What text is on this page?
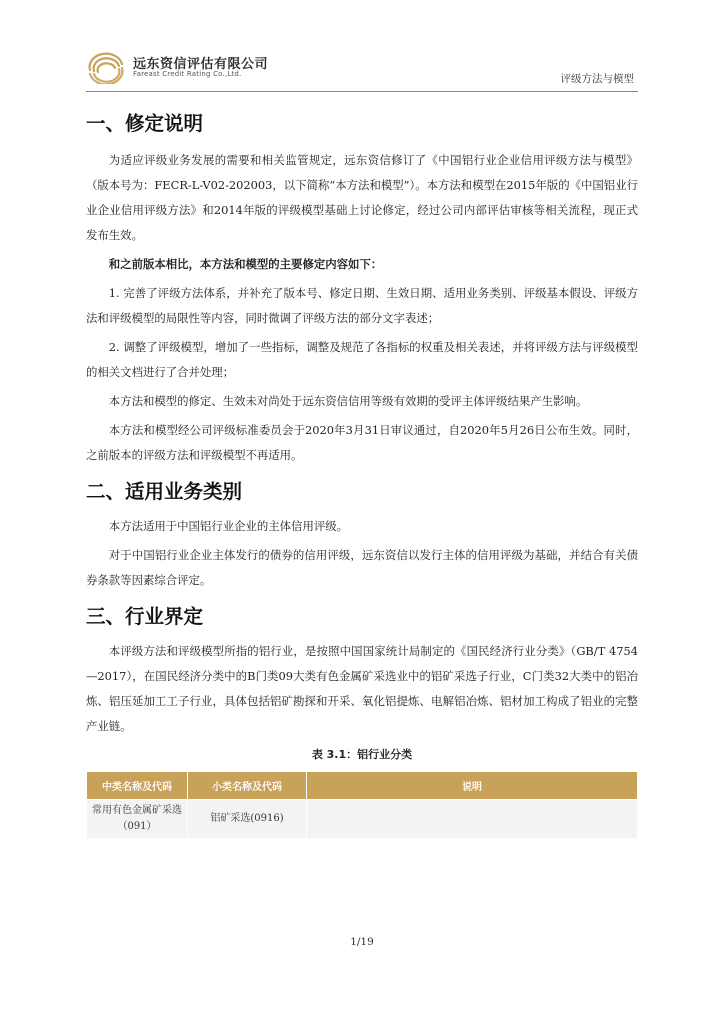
远东资信评估有限公司
Fareast Credit Rating Co.,Ltd.	评级方法与模型
一、修定说明

为适应评级业务发展的需要和相关监管规定，远东资信修订了《中国铝行业企业信用评级方法与模型》（版本号为：FECR-L-V02-202003，以下简称“本方法和模型”）。本方法和模型在2015年版的《中国铝业行业企业信用评级方法》和2014年版的评级模型基础上讨论修定，经过公司内部评估审核等相关流程，现正式发布生效。

和之前版本相比，本方法和模型的主要修定内容如下：

1. 完善了评级方法体系，并补充了版本号、修定日期、生效日期、适用业务类别、评级基本假设、评级方法和评级模型的局限性等内容，同时微调了评级方法的部分文字表述；

2. 调整了评级模型，增加了一些指标，调整及规范了各指标的权重及相关表述，并将评级方法与评级模型的相关文档进行了合并处理；

本方法和模型的修定、生效未对尚处于远东资信信用等级有效期的受评主体评级结果产生影响。

本方法和模型经公司评级标准委员会于2020年3月31日审议通过，自2020年5月26日公布生效。同时，之前版本的评级方法和评级模型不再适用。

二、适用业务类别

本方法适用于中国铝行业企业的主体信用评级。

对于中国铝行业企业主体发行的债券的信用评级，远东资信以发行主体的信用评级为基础，并结合有关债券条款等因素综合评定。

三、行业界定

本评级方法和评级模型所指的铝行业，是按照中国国家统计局制定的《国民经济行业分类》（GB/T 4754—2017），在国民经济分类中的B门类09大类有色金属矿采选业中的铝矿采选子行业，C门类32大类中的铝冶炼、铝压延加工工子行业，具体包括铝矿勘探和开采、氧化铝提炼、电解铝冶炼、铝材加工构成了铝业的完整产业链。

表 3.1：铝行业分类
中类名称及代码	小类名称及代码	说明
常用有色金属矿采选（091）	铝矿采选(0916)	
1/19
